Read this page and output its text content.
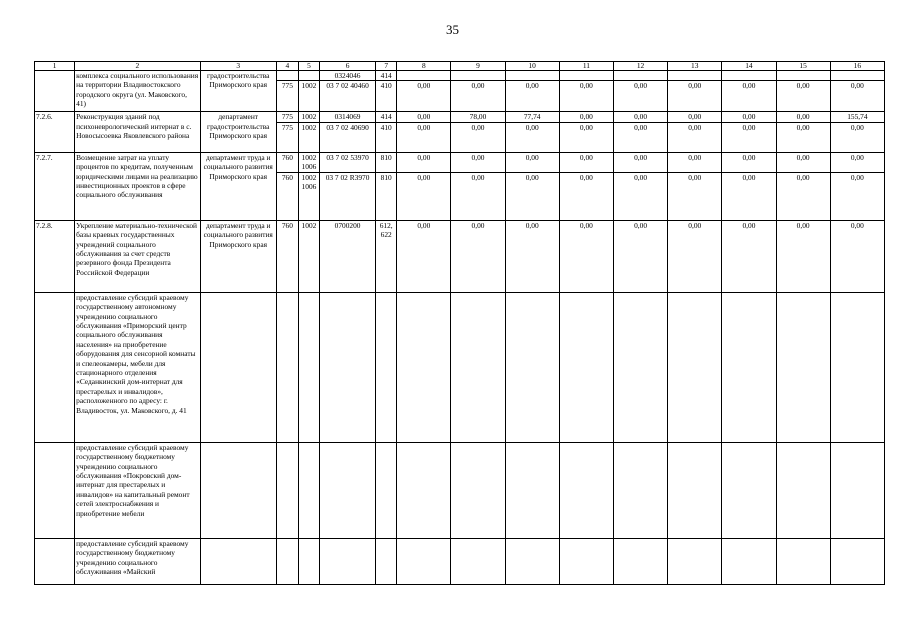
35
1	2	3	4	5	6	7	8	9	10	11	12	13	14	15	16
	комплекса социального использования на территории Владивостокского городского округа (ул. Маковского, 41)	градостроительства Приморского края			0324046	414									
			775	1002	03 7 02 40460	410	0,00	0,00	0,00	0,00	0,00	0,00	0,00	0,00	0,00
7.2.6.	Реконструкция зданий под психоневрологический интернат в с. Новосысоевка Яковлевского района	департамент градостроительства Приморского края	775	1002	0314069	414	0,00	78,00	77,74	0,00	0,00	0,00	0,00	0,00	155,74
			775	1002	03 7 02 40690	410	0,00	0,00	0,00	0,00	0,00	0,00	0,00	0,00	0,00
7.2.7.	Возмещение затрат на уплату процентов по кредитам, полученным юридическими лицами на реализацию инвестиционных проектов в сфере социального обслуживания	департамент труда и социального развития Приморского края	760	1002 1006	03 7 02 53970	810	0,00	0,00	0,00	0,00	0,00	0,00	0,00	0,00	0,00
			760	1002 1006	03 7 02 R3970	810	0,00	0,00	0,00	0,00	0,00	0,00	0,00	0,00	0,00
7.2.8.	Укрепление материально-технической базы краевых государственных учреждений социального обслуживания за счет средств резервного фонда Президента Российской Федерации	департамент труда и социального развития Приморского края	760	1002	0700200	612, 622	0,00	0,00	0,00	0,00	0,00	0,00	0,00	0,00	0,00
	предоставление субсидий краевому государственному автономному учреждению социального обслуживания «Приморский центр социального обслуживания населения» на приобретение оборудования для сенсорной комнаты и спелеокамеры, мебели для стационарного отделения «Седанкинский дом-интернат для престарелых и инвалидов», расположенного по адресу: г. Владивосток, ул. Маковского, д. 41														
	предоставление субсидий краевому государственному бюджетному учреждению социального обслуживания «Покровский дом-интернат для престарелых и инвалидов» на капитальный ремонт сетей электроснабжения и приобретение мебели														
	предоставление субсидий краевому государственному бюджетному учреждению социального обслуживания «Майский														
